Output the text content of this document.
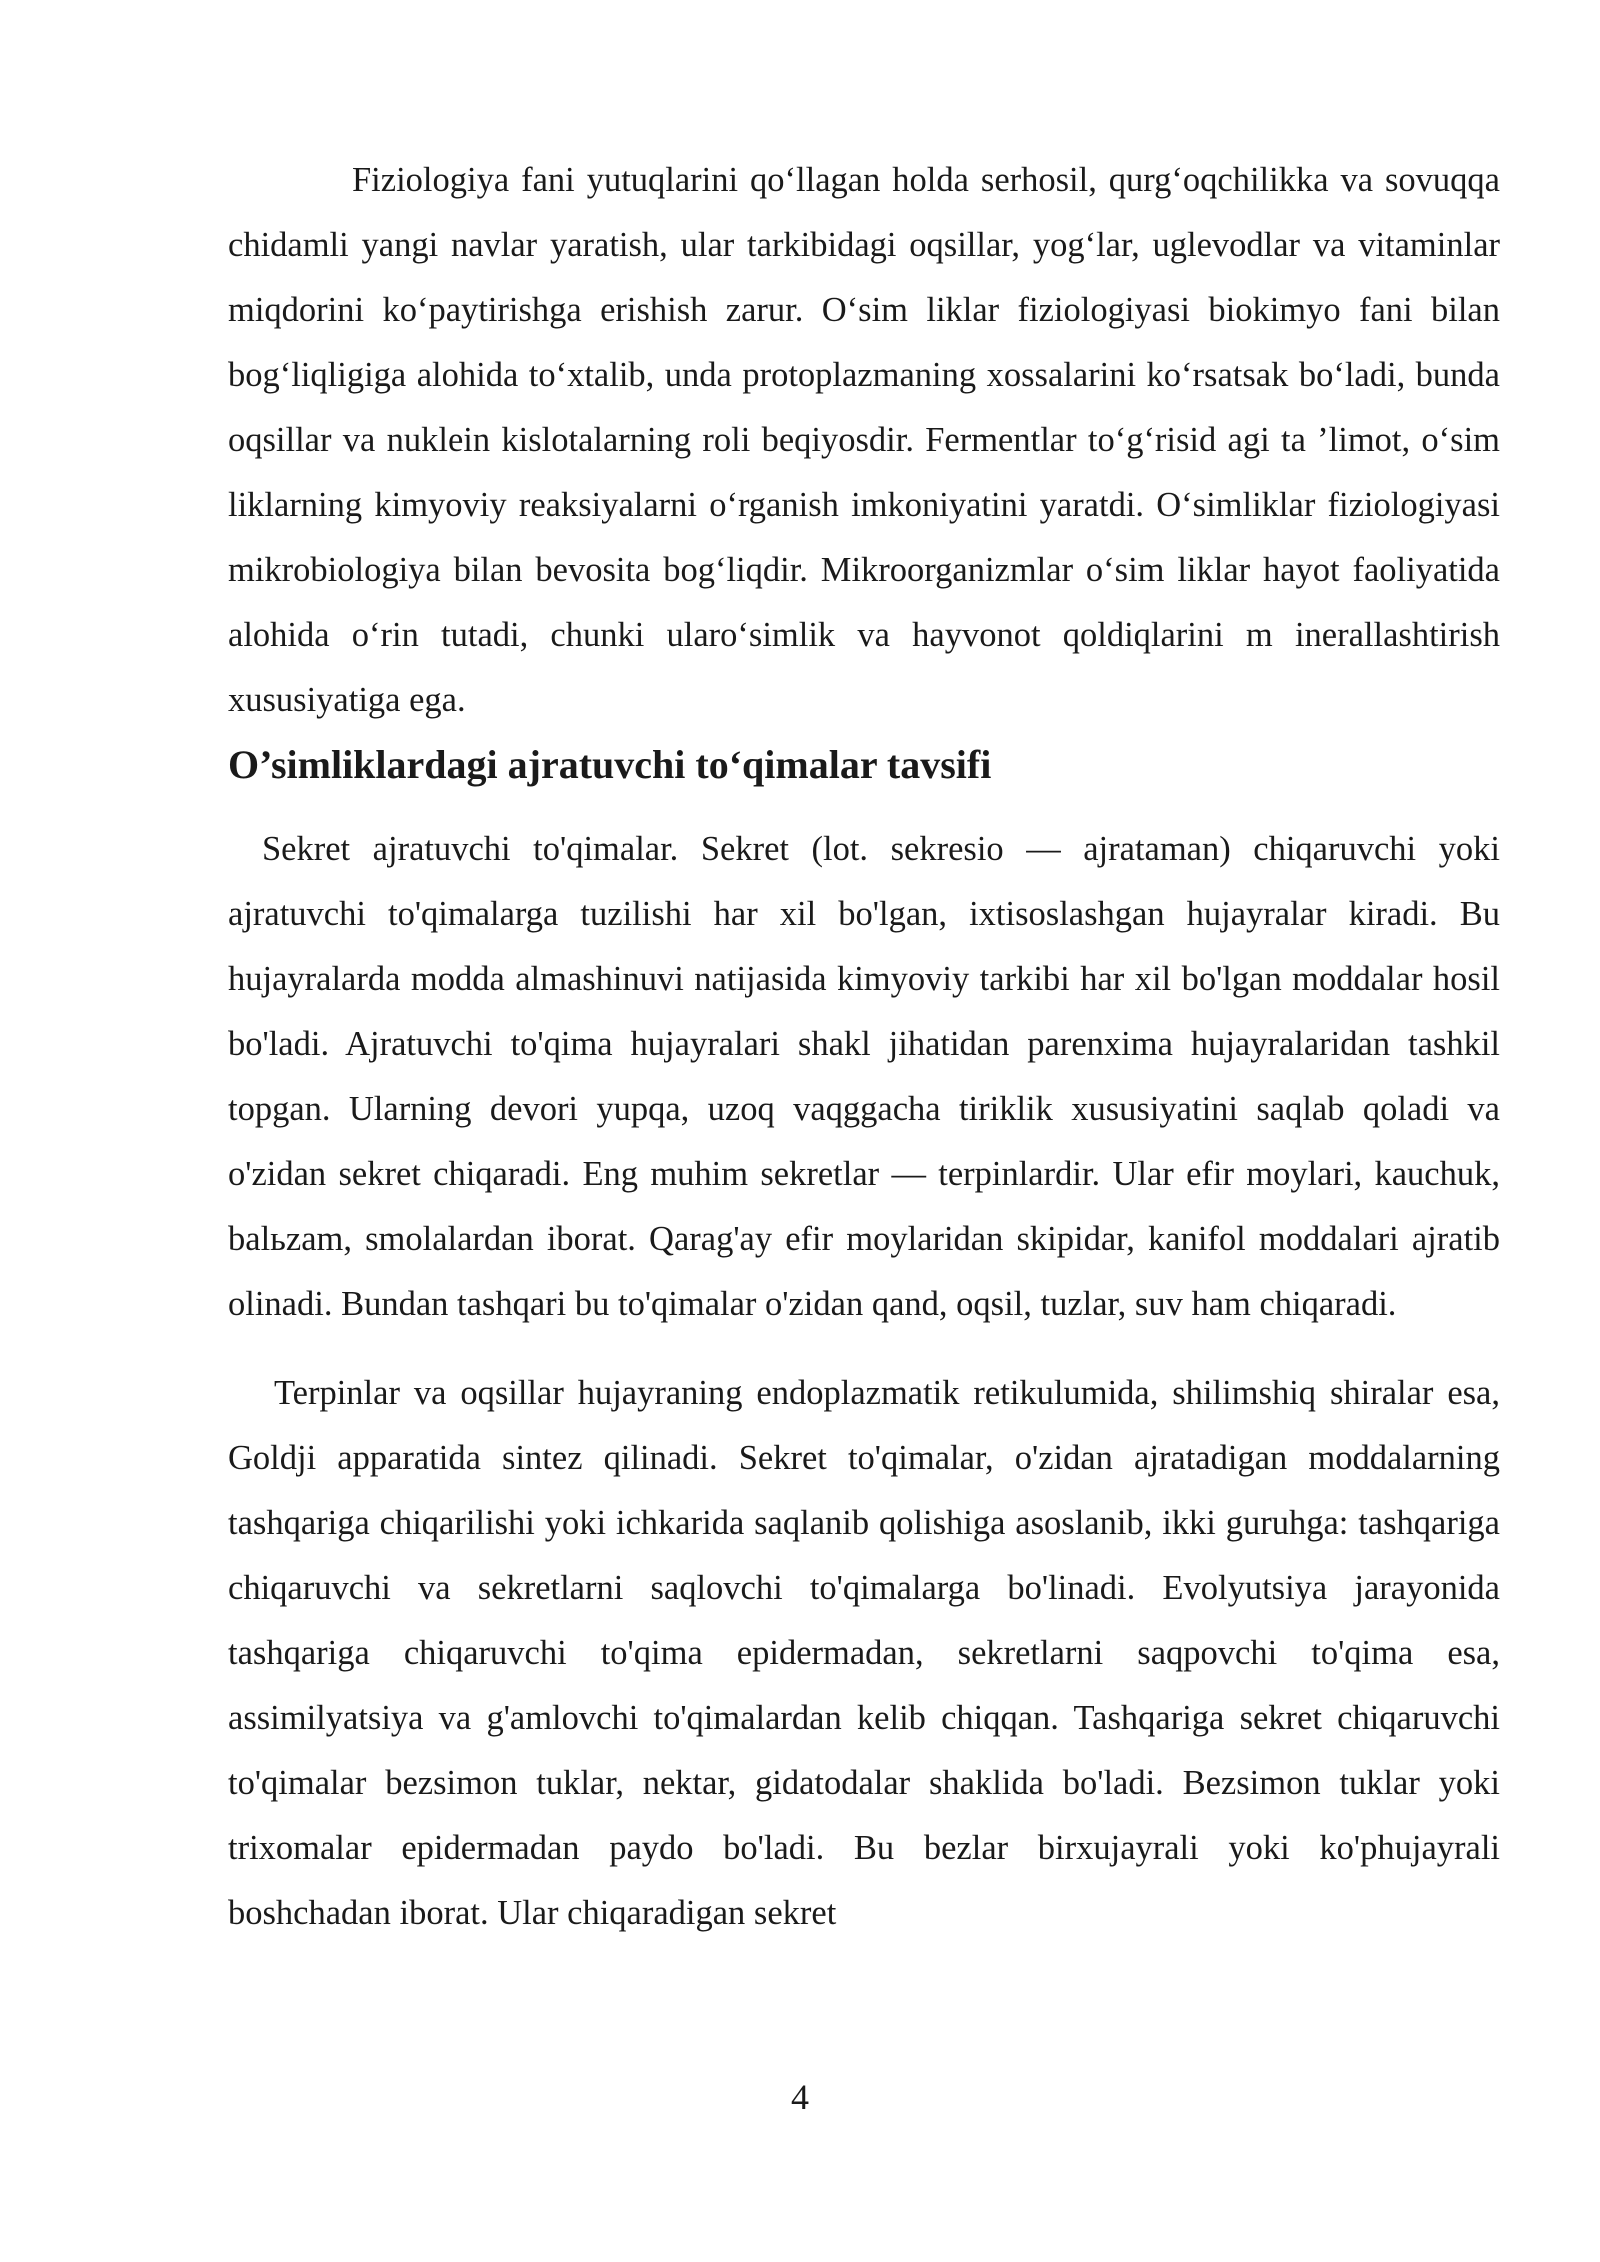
Fiziologiya fani yutuqlarini qo‘llagan holda serhosil, qurg‘oqchilikka va sovuqqa chidamli yangi navlar yaratish, ular tarkibidagi oqsillar, yog‘lar, uglevodlar va vitaminlar miqdorini ko‘paytirishga erishish zarur. O‘sim liklar fiziologiyasi biokimyo fani bilan bog‘liqligiga alohida to‘xtalib, unda protoplazmaning xossalarini ko‘rsatsak bo‘ladi, bunda oqsillar va nuklein kislotalarning roli beqiyosdir. Fermentlar to‘g‘risid agi ta ’limot, o‘sim liklarning kimyoviy reaksiyalarni o‘rganish imkoniyatini yaratdi. O‘simliklar fiziologiyasi mikrobiologiya bilan bevosita bog‘liqdir. Mikroorganizmlar o‘sim liklar hayot faoliyatida alohida o‘rin tutadi, chunki ularo‘simlik va hayvonot qoldiqlarini m inerallashtirish xususiyatiga ega.

O’simliklardagi ajratuvchi to‘qimalar tavsifi

Sekret ajratuvchi to'qimalar. Sekret (lot. sekresio — ajrataman) chiqaruvchi yoki ajratuvchi to'qimalarga tuzilishi har xil bo'lgan, ixtisoslashgan hujayralar kiradi. Bu hujayralarda modda almashinuvi natijasida kimyoviy tarkibi har xil bo'lgan moddalar hosil bo'ladi. Ajratuvchi to'qima hujayralari shakl jihatidan parenxima hujayralaridan tashkil topgan. Ularning devori yupqa, uzoq vaqggacha tiriklik xususiyatini saqlab qoladi va o'zidan sekret chiqaradi. Eng muhim sekretlar — terpinlardir. Ular efir moylari, kauchuk, balьzam, smolalardan iborat. Qarag'ay efir moylaridan skipidar, kanifol moddalari ajratib olinadi. Bundan tashqari bu to'qimalar o'zidan qand, oqsil, tuzlar, suv ham chiqaradi.

Terpinlar va oqsillar hujayraning endoplazmatik retikulumida, shilimshiq shiralar esa, Goldji apparatida sintez qilinadi. Sekret to'qimalar, o'zidan ajratadigan moddalarning tashqariga chiqarilishi yoki ichkarida saqlanib qolishiga asoslanib, ikki guruhga: tashqariga chiqaruvchi va sekretlarni saqlovchi to'qimalarga bo'linadi. Evolyutsiya jarayonida tashqariga chiqaruvchi to'qima epidermadan, sekretlarni saqpovchi to'qima esa, assimilyatsiya va g'amlovchi to'qimalardan kelib chiqqan. Tashqariga sekret chiqaruvchi to'qimalar bezsimon tuklar, nektar, gidatodalar shaklida bo'ladi. Bezsimon tuklar yoki trixomalar epidermadan paydo bo'ladi. Bu bezlar birxujayrali yoki ko'phujayrali boshchadan iborat. Ular chiqaradigan sekret

4
